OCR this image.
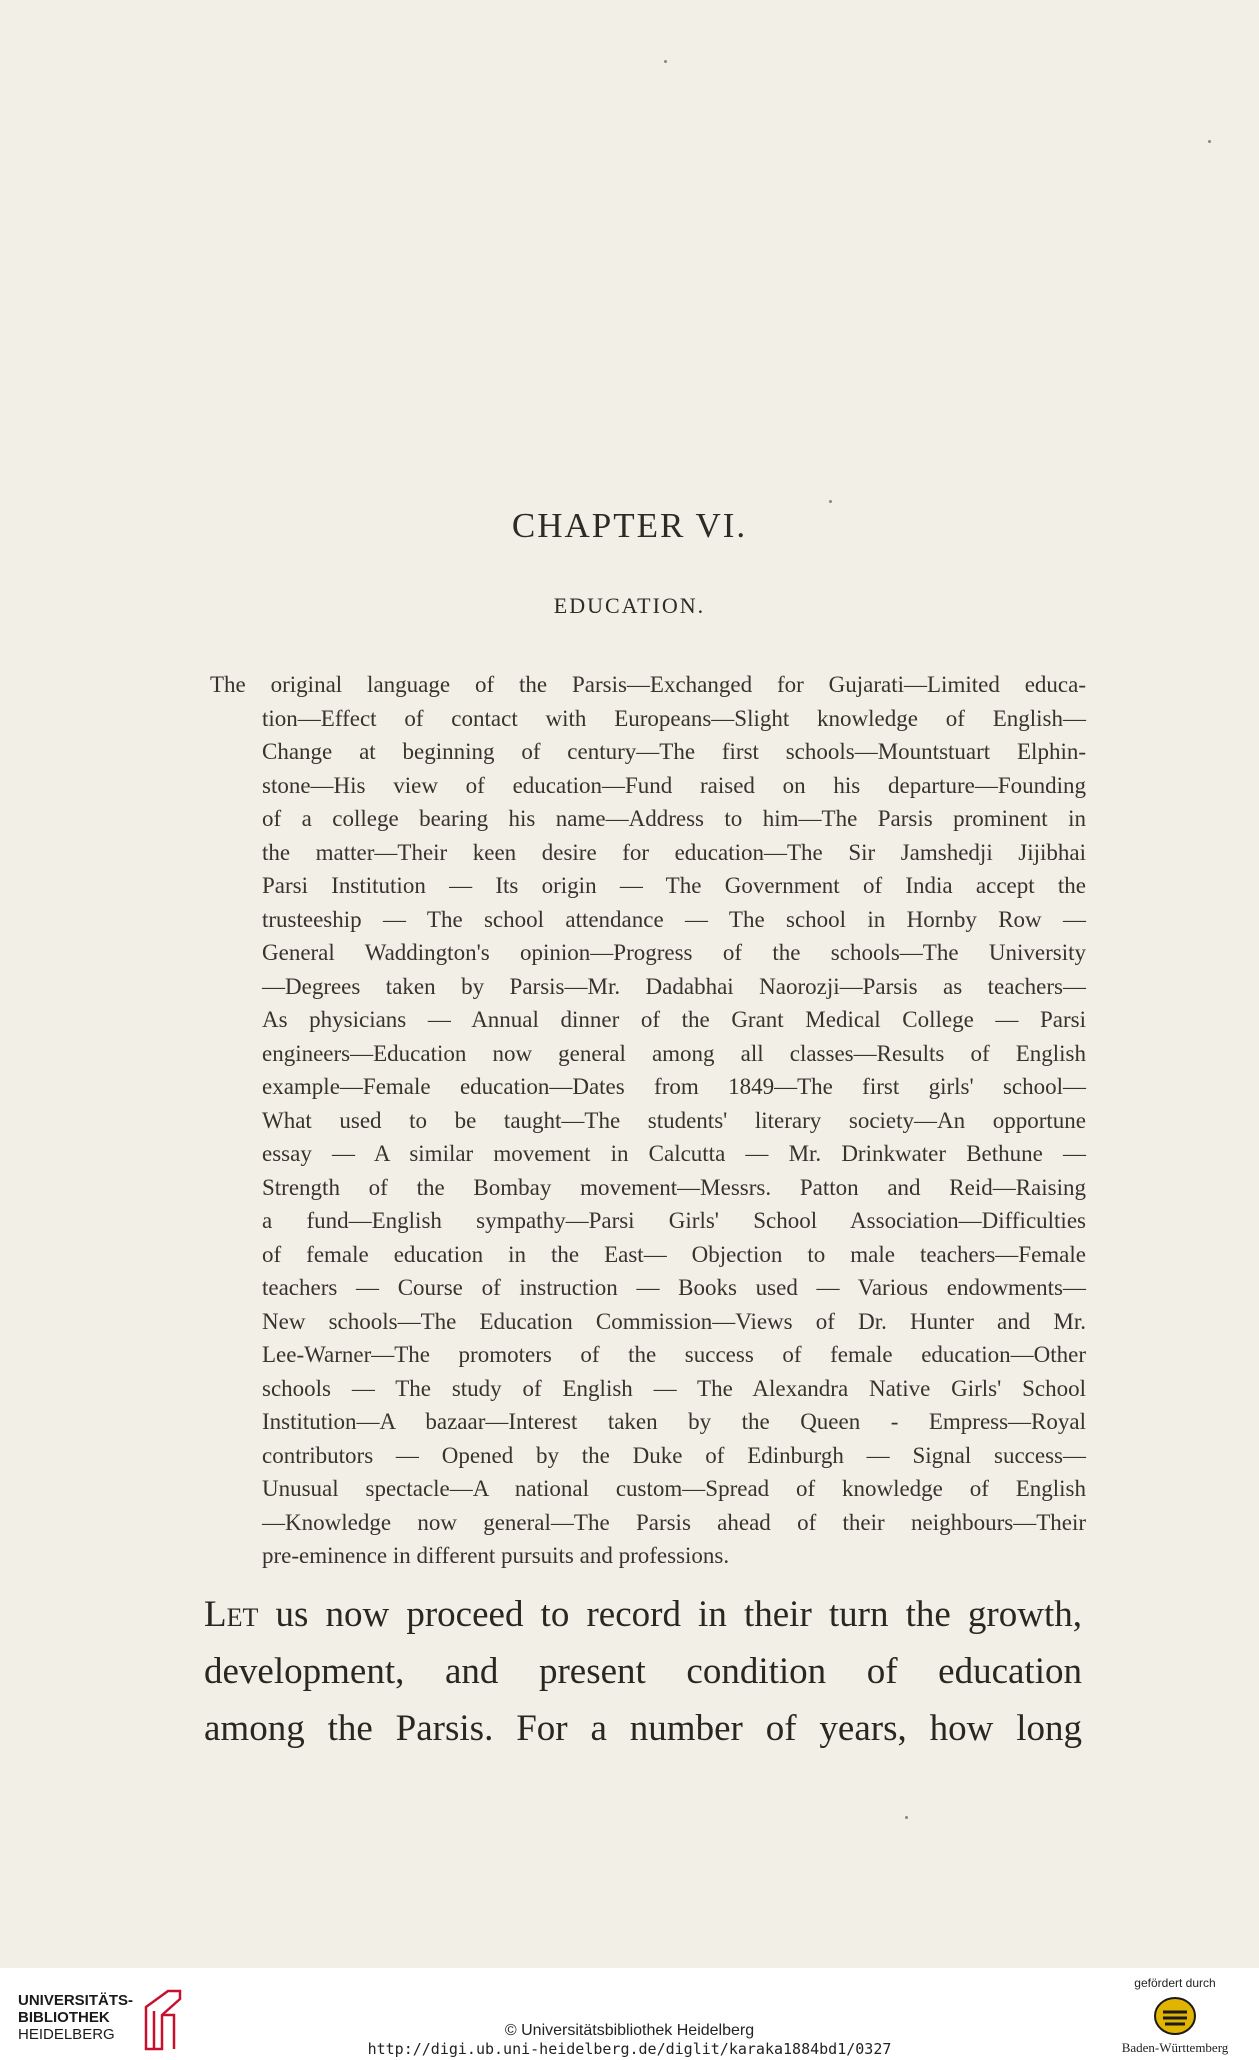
CHAPTER VI.
EDUCATION.
The original language of the Parsis—Exchanged for Gujarati—Limited educa-
tion—Effect of contact with Europeans—Slight knowledge of English—
Change at beginning of century—The first schools—Mountstuart Elphin-
stone—His view of education—Fund raised on his departure—Founding
of a college bearing his name—Address to him—The Parsis prominent in
the matter—Their keen desire for education—The Sir Jamshedji Jijibhai
Parsi Institution — Its origin — The Government of India accept the
trusteeship — The school attendance — The school in Hornby Row —
General Waddington's opinion—Progress of the schools—The University
—Degrees taken by Parsis—Mr. Dadabhai Naorozji—Parsis as teachers—
As physicians — Annual dinner of the Grant Medical College — Parsi
engineers—Education now general among all classes—Results of English
example—Female education—Dates from 1849—The first girls' school—
What used to be taught—The students' literary society—An opportune
essay — A similar movement in Calcutta — Mr. Drinkwater Bethune —
Strength of the Bombay movement—Messrs. Patton and Reid—Raising
a fund—English sympathy—Parsi Girls' School Association—Difficulties
of female education in the East— Objection to male teachers—Female
teachers — Course of instruction — Books used — Various endowments—
New schools—The Education Commission—Views of Dr. Hunter and Mr.
Lee-Warner—The promoters of the success of female education—Other
schools — The study of English — The Alexandra Native Girls' School
Institution—A bazaar—Interest taken by the Queen - Empress—Royal
contributors — Opened by the Duke of Edinburgh — Signal success—
Unusual spectacle—A national custom—Spread of knowledge of English
—Knowledge now general—The Parsis ahead of their neighbours—Their
pre-eminence in different pursuits and professions.
Let us now proceed to record in their turn the growth,
development, and present condition of education
among the Parsis. For a number of years, how long
UNIVERSITÄTS-
BIBLIOTHEK
HEIDELBERG	© Universitätsbibliothek Heidelberg
http://digi.ub.uni-heidelberg.de/diglit/karaka1884bd1/0327
gefördert durch
Baden-Württemberg
